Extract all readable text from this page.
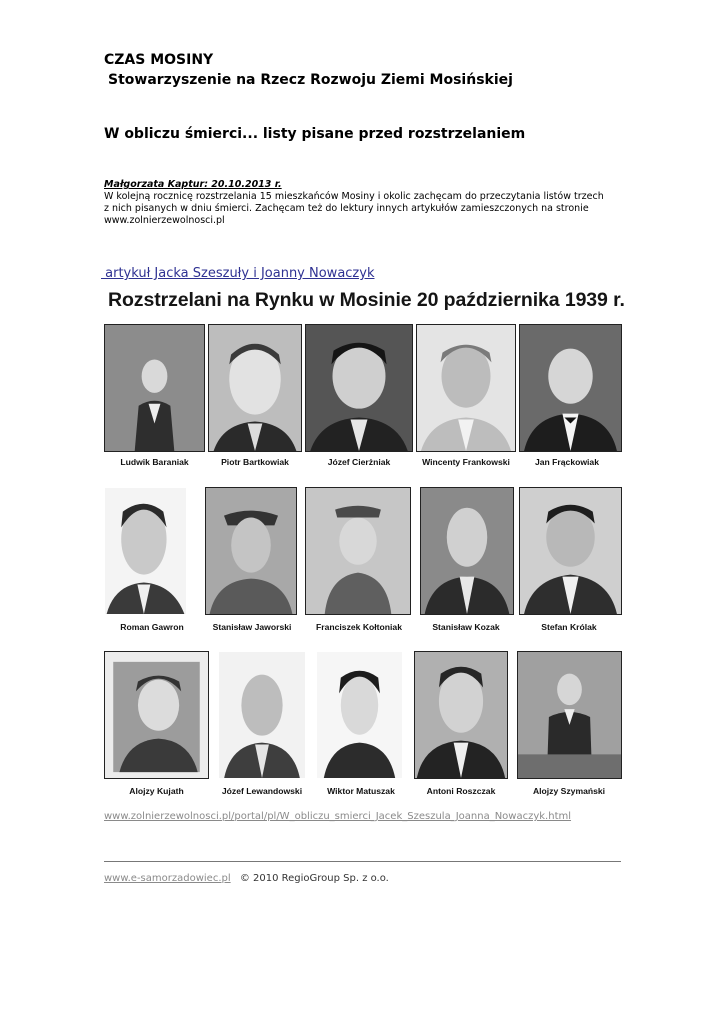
CZAS MOSINY
Stowarzyszenie na Rzecz Rozwoju Ziemi Mosińskiej
W obliczu śmierci... listy pisane przed rozstrzelaniem
Małgorzata Kaptur: 20.10.2013 r.
W kolejną rocznicę rozstrzelania 15 mieszkańców Mosiny i okolic zachęcam do przeczytania listów trzech
z nich pisanych w dniu śmierci. Zachęcam też do lektury innych artykułów zamieszczonych na stronie
www.zolnierzewolnosci.pl
artykuł Jacka Szeszuły i Joanny Nowaczyk
Rozstrzelani na Rynku w Mosinie 20 października 1939 r.
Ludwik Baraniak	Piotr Bartkowiak	Józef Cierżniak	Wincenty Frankowski	Jan Frąckowiak
Roman Gawron	Stanisław Jaworski	Franciszek Kołtoniak	Stanisław Kozak	Stefan Królak
Alojzy Kujath	Józef Lewandowski	Wiktor Matuszak	Antoni Roszczak	Alojzy Szymański
www.zolnierzewolnosci.pl/portal/pl/W_obliczu_smierci_Jacek_Szeszula_Joanna_Nowaczyk.html
www.e-samorzadowiec.pl © 2010 RegioGroup Sp. z o.o.
